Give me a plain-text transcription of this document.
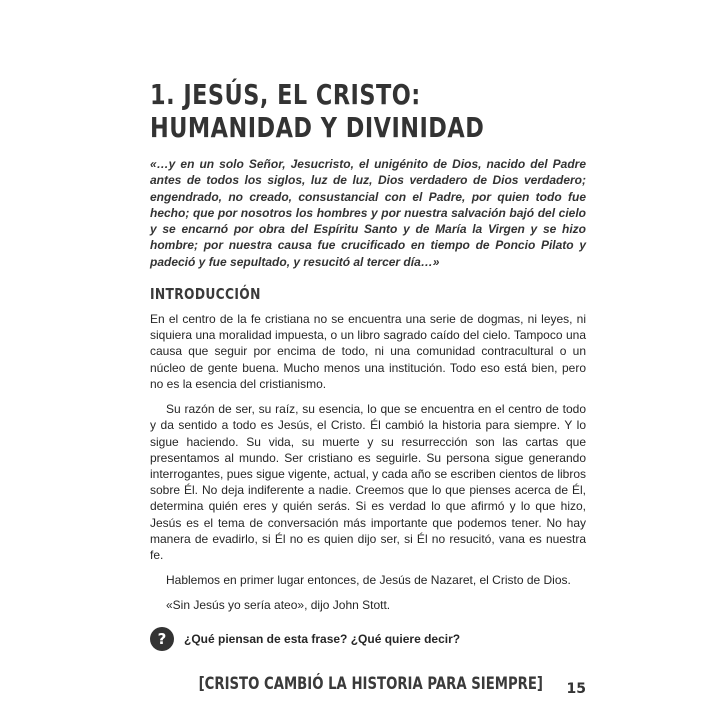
1. JESÚS, EL CRISTO: HUMANIDAD Y DIVINIDAD

«…y en un solo Señor, Jesucristo, el unigénito de Dios, nacido del Padre antes de todos los siglos, luz de luz, Dios verdadero de Dios verdadero; engendrado, no creado, consustancial con el Padre, por quien todo fue hecho; que por nosotros los hombres y por nuestra salvación bajó del cielo y se encarnó por obra del Espíritu Santo y de María la Virgen y se hizo hombre; por nuestra causa fue crucificado en tiempo de Poncio Pilato y padeció y fue sepultado, y resucitó al tercer día…»

INTRODUCCIÓN

En el centro de la fe cristiana no se encuentra una serie de dogmas, ni leyes, ni siquiera una moralidad impuesta, o un libro sagrado caído del cielo. Tampoco una causa que seguir por encima de todo, ni una comunidad contracultural o un núcleo de gente buena. Mucho menos una institución. Todo eso está bien, pero no es la esencia del cristianismo.

Su razón de ser, su raíz, su esencia, lo que se encuentra en el centro de todo y da sentido a todo es Jesús, el Cristo. Él cambió la historia para siempre. Y lo sigue haciendo. Su vida, su muerte y su resurrección son las cartas que presentamos al mundo. Ser cristiano es seguirle. Su persona sigue generando interrogantes, pues sigue vigente, actual, y cada año se escriben cientos de libros sobre Él. No deja indiferente a nadie. Creemos que lo que pienses acerca de Él, determina quién eres y quién serás. Si es verdad lo que afirmó y lo que hizo, Jesús es el tema de conversación más importante que podemos tener. No hay manera de evadirlo, si Él no es quien dijo ser, si Él no resucitó, vana es nuestra fe.

Hablemos en primer lugar entonces, de Jesús de Nazaret, el Cristo de Dios.

«Sin Jesús yo sería ateo», dijo John Stott.

?	¿Qué piensan de esta frase? ¿Qué quiere decir?
[CRISTO CAMBIÓ LA HISTORIA PARA SIEMPRE]	15
